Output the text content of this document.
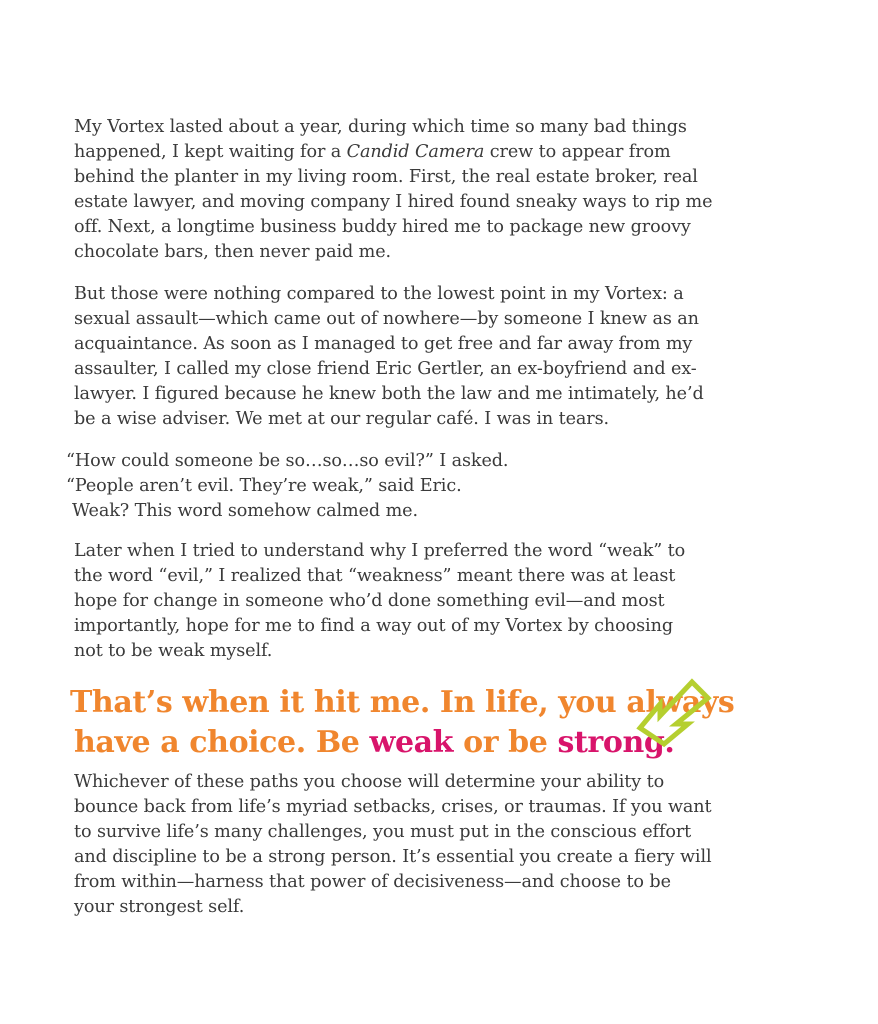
My Vortex lasted about a year, during which time so many bad things
happened, I kept waiting for a Candid Camera crew to appear from
behind the planter in my living room. First, the real estate broker, real
estate lawyer, and moving company I hired found sneaky ways to rip me
off. Next, a longtime business buddy hired me to package new groovy
chocolate bars, then never paid me.
But those were nothing compared to the lowest point in my Vortex: a
sexual assault—which came out of nowhere—by someone I knew as an
acquaintance. As soon as I managed to get free and far away from my
assaulter, I called my close friend Eric Gertler, an ex-boyfriend and ex-
lawyer. I figured because he knew both the law and me intimately, he’d
be a wise adviser. We met at our regular café. I was in tears.
“How could someone be so…so…so evil?” I asked.
“People aren’t evil. They’re weak,” said Eric.
Weak? This word somehow calmed me.
Later when I tried to understand why I preferred the word “weak” to
the word “evil,” I realized that “weakness” meant there was at least
hope for change in someone who’d done something evil—and most
importantly, hope for me to find a way out of my Vortex by choosing
not to be weak myself.
That’s when it hit me. In life, you always
have a choice. Be weak or be strong.
Whichever of these paths you choose will determine your ability to
bounce back from life’s myriad setbacks, crises, or traumas. If you want
to survive life’s many challenges, you must put in the conscious effort
and discipline to be a strong person. It’s essential you create a fiery will
from within—harness that power of decisiveness—and choose to be
your strongest self.
